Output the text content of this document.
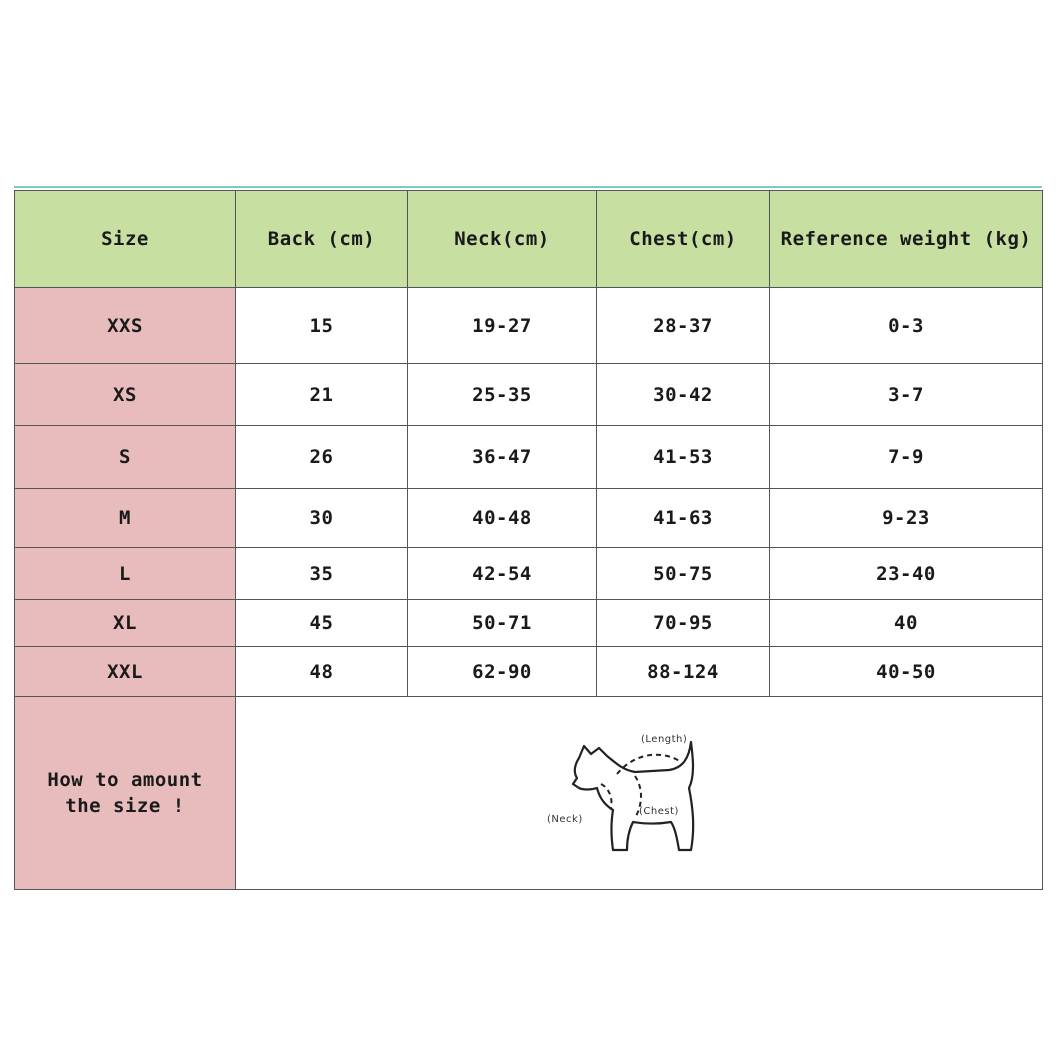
Size	Back (cm)	Neck(cm)	Chest(cm)	Reference weight (kg)
XXS	15	19-27	28-37	0-3
XS	21	25-35	30-42	3-7
S	26	36-47	41-53	7-9
M	30	40-48	41-63	9-23
L	35	42-54	50-75	23-40
XL	45	50-71	70-95	40
XXL	48	62-90	88-124	40-50
How to amount
the size !	(Length)
(Chest)
(Neck)			
